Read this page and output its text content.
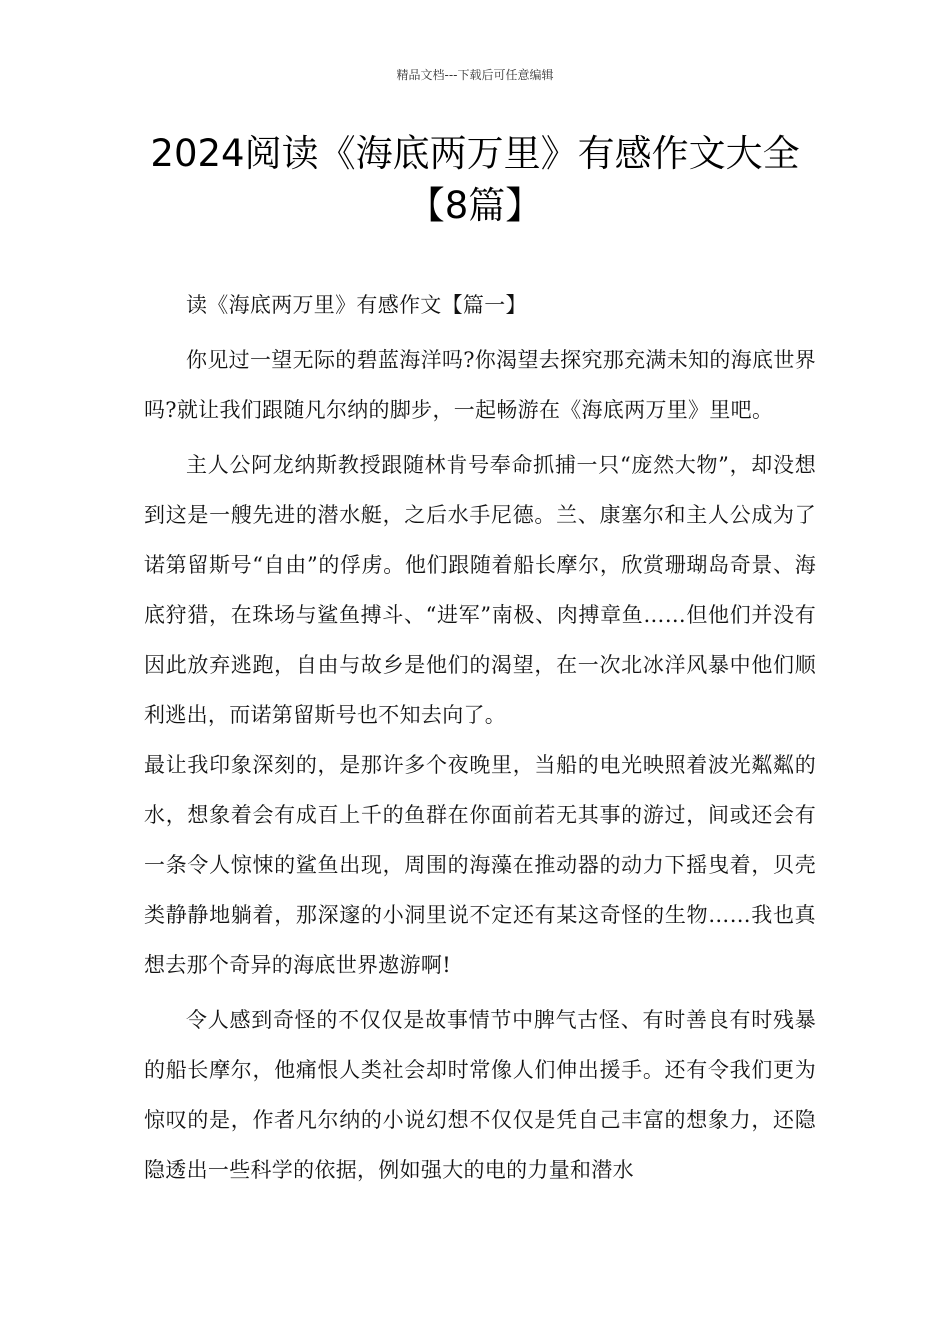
精品文档---下载后可任意编辑
2024阅读《海底两万里》有感作文大全
【8篇】

读《海底两万里》有感作文【篇一】

你见过一望无际的碧蓝海洋吗?你渴望去探究那充满未知的海底世界吗?就让我们跟随凡尔纳的脚步，一起畅游在《海底两万里》里吧。

主人公阿龙纳斯教授跟随林肯号奉命抓捕一只“庞然大物”，却没想到这是一艘先进的潜水艇，之后水手尼德。兰、康塞尔和主人公成为了诺第留斯号“自由”的俘虏。他们跟随着船长摩尔，欣赏珊瑚岛奇景、海底狩猎，在珠场与鲨鱼搏斗、“进军”南极、肉搏章鱼……但他们并没有因此放弃逃跑，自由与故乡是他们的渴望，在一次北冰洋风暴中他们顺利逃出，而诺第留斯号也不知去向了。

最让我印象深刻的，是那许多个夜晚里，当船的电光映照着波光粼粼的水，想象着会有成百上千的鱼群在你面前若无其事的游过，间或还会有一条令人惊悚的鲨鱼出现，周围的海藻在推动器的动力下摇曳着，贝壳类静静地躺着，那深邃的小洞里说不定还有某这奇怪的生物……我也真想去那个奇异的海底世界遨游啊!

令人感到奇怪的不仅仅是故事情节中脾气古怪、有时善良有时残暴的船长摩尔，他痛恨人类社会却时常像人们伸出援手。还有令我们更为惊叹的是，作者凡尔纳的小说幻想不仅仅是凭自己丰富的想象力，还隐隐透出一些科学的依据，例如强大的电的力量和潜水
